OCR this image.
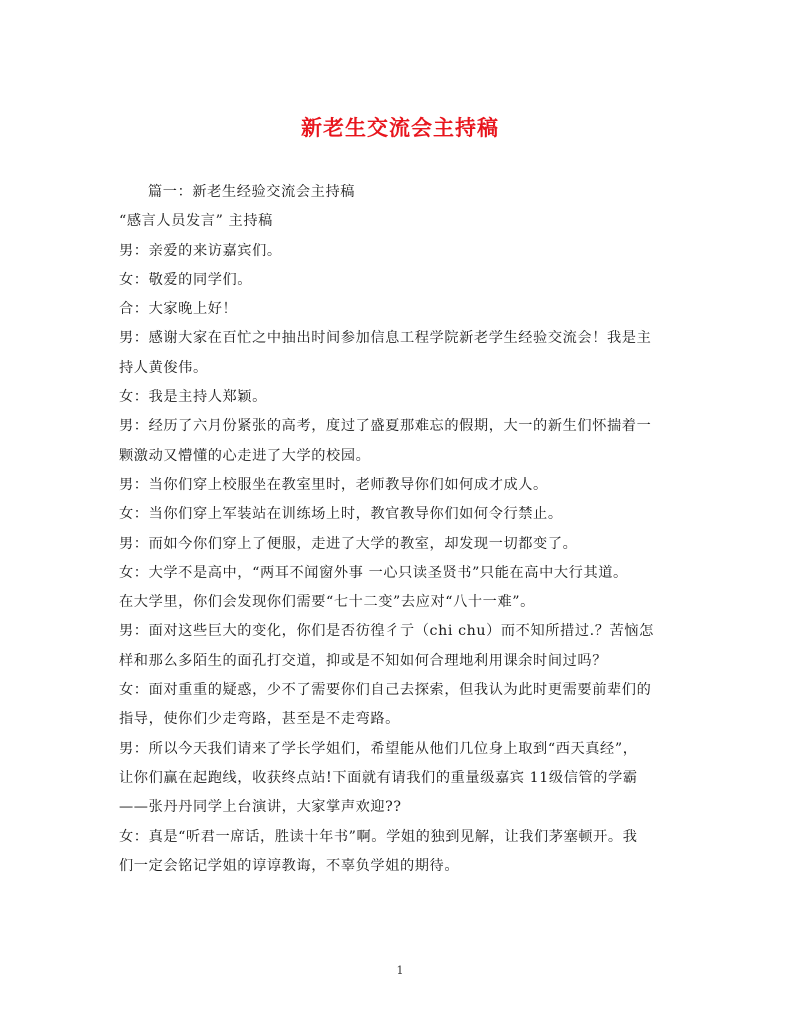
新老生交流会主持稿
篇一：新老生经验交流会主持稿
“感言人员发言” 主持稿
男：亲爱的来访嘉宾们。
女：敬爱的同学们。
合：大家晚上好！
男：感谢大家在百忙之中抽出时间参加信息工程学院新老学生经验交流会！我是主
持人黄俊伟。
女：我是主持人郑颖。
男：经历了六月份紧张的高考，度过了盛夏那难忘的假期，大一的新生们怀揣着一
颗激动又懵懂的心走进了大学的校园。
男：当你们穿上校服坐在教室里时，老师教导你们如何成才成人。
女：当你们穿上军装站在训练场上时，教官教导你们如何令行禁止。
男：而如今你们穿上了便服，走进了大学的教室，却发现一切都变了。
女：大学不是高中，“两耳不闻窗外事 一心只读圣贤书”只能在高中大行其道。
在大学里，你们会发现你们需要“七十二变”去应对“八十一难”。
男：面对这些巨大的变化，你们是否彷徨彳亍（chi chu）而不知所措过.？苦恼怎
样和那么多陌生的面孔打交道，抑或是不知如何合理地利用课余时间过吗？
女：面对重重的疑惑，少不了需要你们自己去探索，但我认为此时更需要前辈们的
指导，使你们少走弯路，甚至是不走弯路。
男：所以今天我们请来了学长学姐们，希望能从他们几位身上取到“西天真经”，
让你们赢在起跑线，收获终点站!下面就有请我们的重量级嘉宾 11级信管的学霸
——张丹丹同学上台演讲，大家掌声欢迎??
女：真是“听君一席话，胜读十年书”啊。学姐的独到见解，让我们茅塞顿开。我
们一定会铭记学姐的谆谆教诲，不辜负学姐的期待。
1
